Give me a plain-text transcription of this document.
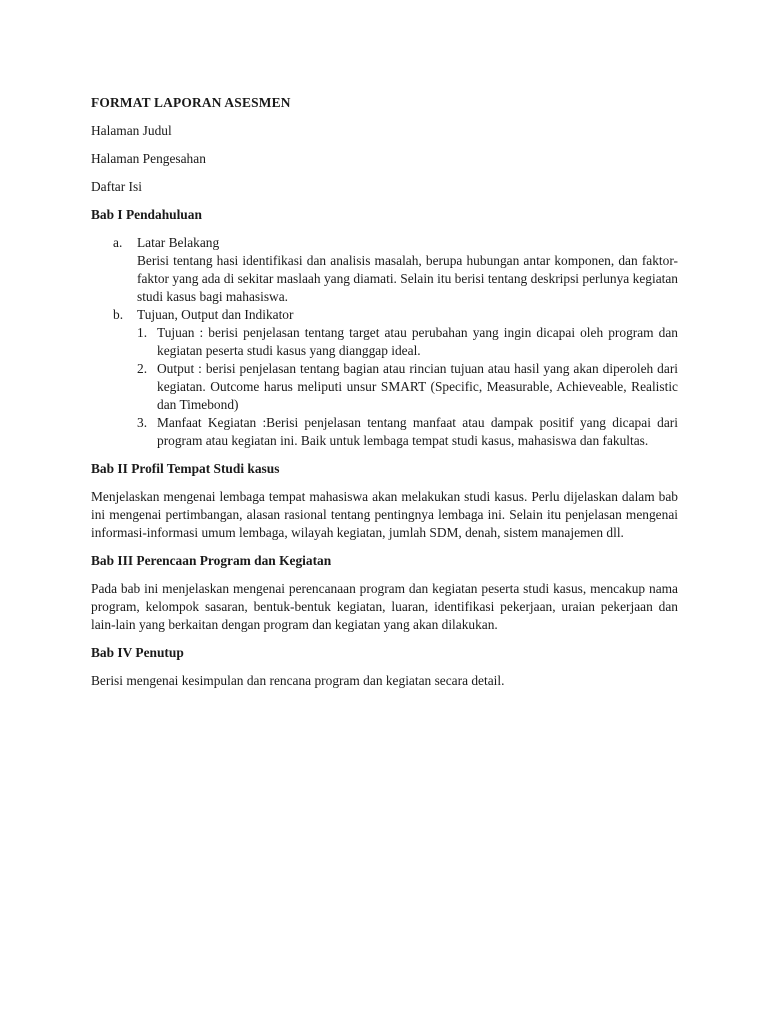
FORMAT LAPORAN ASESMEN
Halaman Judul
Halaman Pengesahan
Daftar Isi
Bab I Pendahuluan
a. Latar Belakang
Berisi tentang hasi identifikasi dan analisis masalah, berupa hubungan antar komponen, dan faktor-faktor yang ada di sekitar maslaah yang diamati. Selain itu berisi tentang deskripsi perlunya kegiatan studi kasus bagi mahasiswa.
b. Tujuan, Output dan Indikator
1. Tujuan : berisi penjelasan tentang target atau perubahan yang ingin dicapai oleh program dan kegiatan peserta studi kasus yang dianggap ideal.
2. Output : berisi penjelasan tentang bagian atau rincian tujuan atau hasil yang akan diperoleh dari kegiatan. Outcome harus meliputi unsur SMART (Specific, Measurable, Achieveable, Realistic dan Timebond)
3. Manfaat Kegiatan :Berisi penjelasan tentang manfaat atau dampak positif yang dicapai dari program atau kegiatan ini. Baik untuk lembaga tempat studi kasus, mahasiswa dan fakultas.
Bab II Profil Tempat Studi kasus
Menjelaskan mengenai lembaga tempat mahasiswa akan melakukan studi kasus. Perlu dijelaskan dalam bab ini mengenai pertimbangan, alasan rasional tentang pentingnya lembaga ini. Selain itu penjelasan mengenai informasi-informasi umum lembaga, wilayah kegiatan, jumlah SDM, denah, sistem manajemen dll.
Bab III Perencaan Program dan Kegiatan
Pada bab ini menjelaskan mengenai perencanaan program dan kegiatan peserta studi kasus, mencakup nama program, kelompok sasaran, bentuk-bentuk kegiatan, luaran, identifikasi pekerjaan, uraian pekerjaan dan lain-lain yang berkaitan dengan program dan kegiatan yang akan dilakukan.
Bab IV Penutup
Berisi mengenai kesimpulan dan rencana program dan kegiatan secara detail.
